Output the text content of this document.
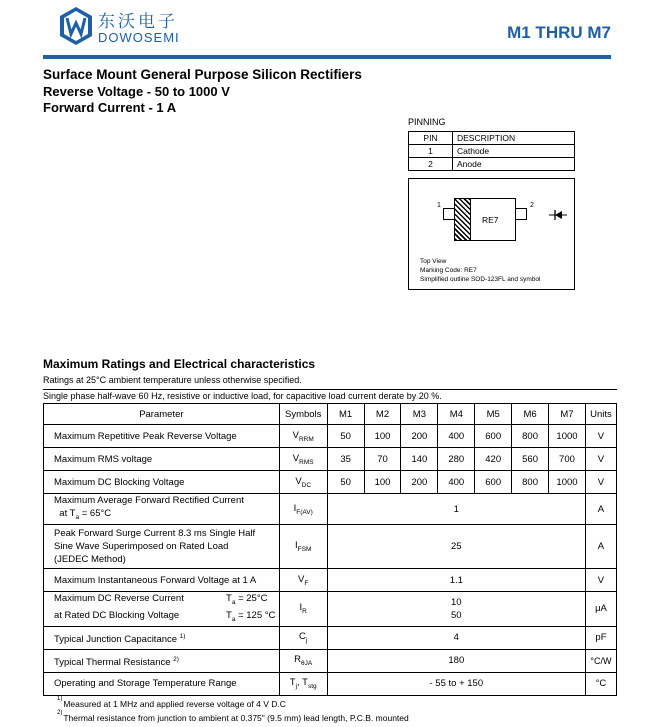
东沃电子
DOWOSEMI	M1 THRU M7
Surface Mount General Purpose Silicon Rectifiers
Reverse Voltage - 50 to 1000 V
Forward Current - 1 A
PINNING
PIN	DESCRIPTION
1	Cathode
2	Anode
1
RE7
2
Top View
Marking Code: RE7
Simplified outline SOD-123FL and symbol
Maximum Ratings and Electrical characteristics
Ratings at 25°C ambient temperature unless otherwise specified.
Single phase half-wave 60 Hz, resistive or inductive load, for capacitive load current derate by 20 %.
Parameter	Symbols	M1	M2	M3	M4	M5	M6	M7	Units
Maximum Repetitive Peak Reverse Voltage	$V_{RRM}$	50	100	200	400	600	800	1000	V
Maximum RMS voltage	$V_{RMS}$	35	70	140	280	420	560	700	V
Maximum DC Blocking Voltage	$V_{DC}$	50	100	200	400	600	800	1000	V
Maximum Average Forward Rectified Current
at $T_a = 65^\circ C$	$I_{F(AV)}$	1							A
Peak Forward Surge Current 8.3 ms Single Half
Sine Wave Superimposed on Rated Load
(JEDEC Method)	$I_{FSM}$	25							A
Maximum Instantaneous Forward Voltage at 1 A	$V_F$	1.1							V
Maximum DC Reverse Current $T_a = 25^\circ C$
at Rated DC Blocking Voltage $T_a = 125$ °C	$I_R$	10
50							μA
Typical Junction Capacitance $^{1)}$	$C_j$	4							pF
Typical Thermal Resistance $^{2)}$	$R_{\theta JA}$	180							°C/W
Operating and Storage Temperature Range	$T_j$, $T_{stg}$	- 55 to + 150							°C
$^{1)}$Measured at 1 MHz and applied reverse voltage of 4 V D.C
$^{2)}$Thermal resistance from junction to ambient at 0.375" (9.5 mm) lead length, P.C.B. mounted
